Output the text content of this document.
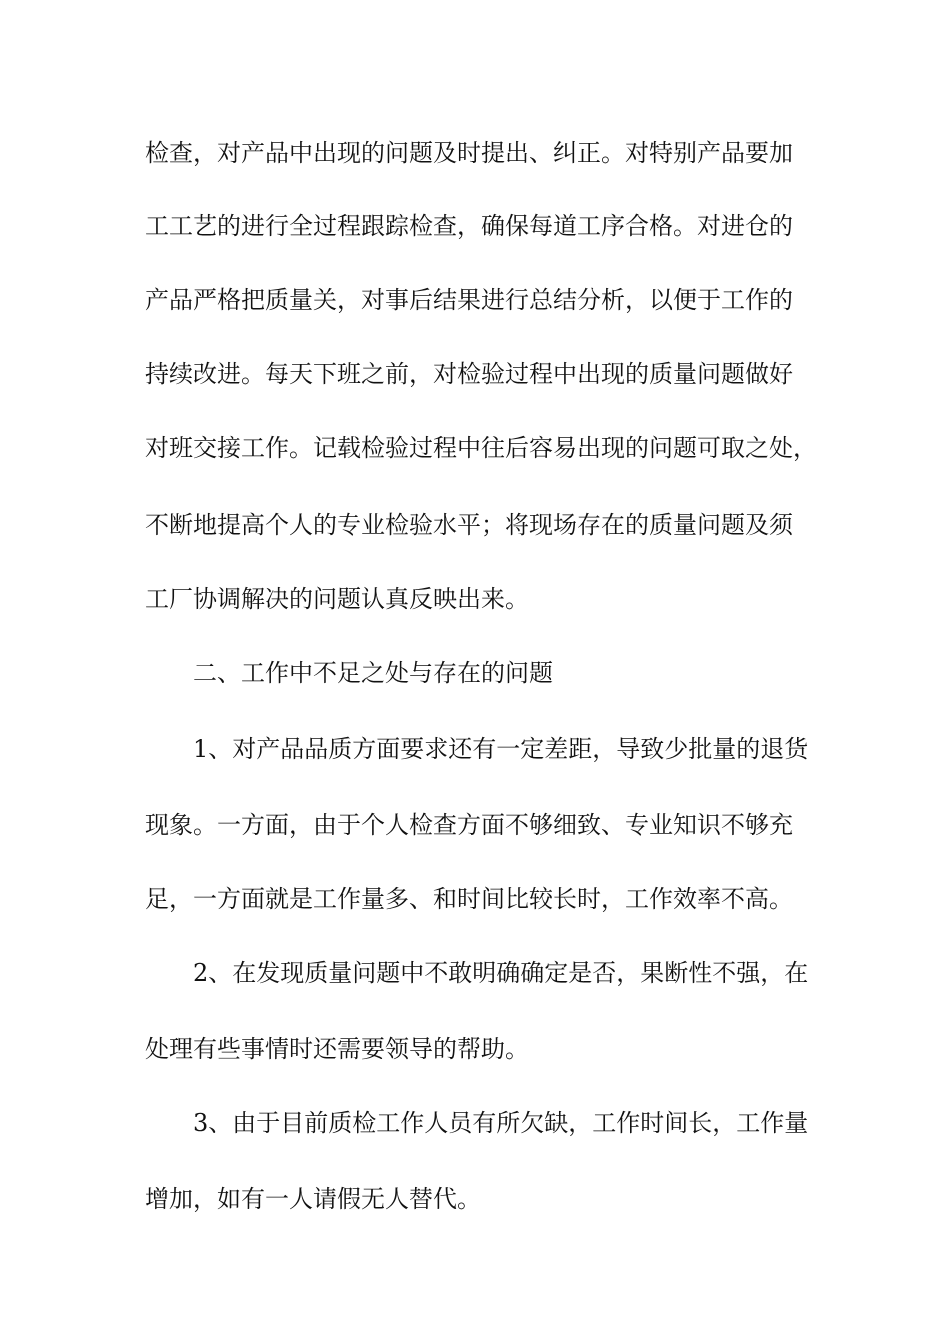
检查，对产品中出现的问题及时提出、纠正。对特别产品要加
工工艺的进行全过程跟踪检查，确保每道工序合格。对进仓的
产品严格把质量关，对事后结果进行总结分析，以便于工作的
持续改进。每天下班之前，对检验过程中出现的质量问题做好
对班交接工作。记载检验过程中往后容易出现的问题可取之处，
不断地提高个人的专业检验水平；将现场存在的质量问题及须
工厂协调解决的问题认真反映出来。
二、工作中不足之处与存在的问题
1、对产品品质方面要求还有一定差距，导致少批量的退货
现象。一方面，由于个人检查方面不够细致、专业知识不够充
足，一方面就是工作量多、和时间比较长时，工作效率不高。
2、在发现质量问题中不敢明确确定是否，果断性不强，在
处理有些事情时还需要领导的帮助。
3、由于目前质检工作人员有所欠缺，工作时间长，工作量
增加，如有一人请假无人替代。
